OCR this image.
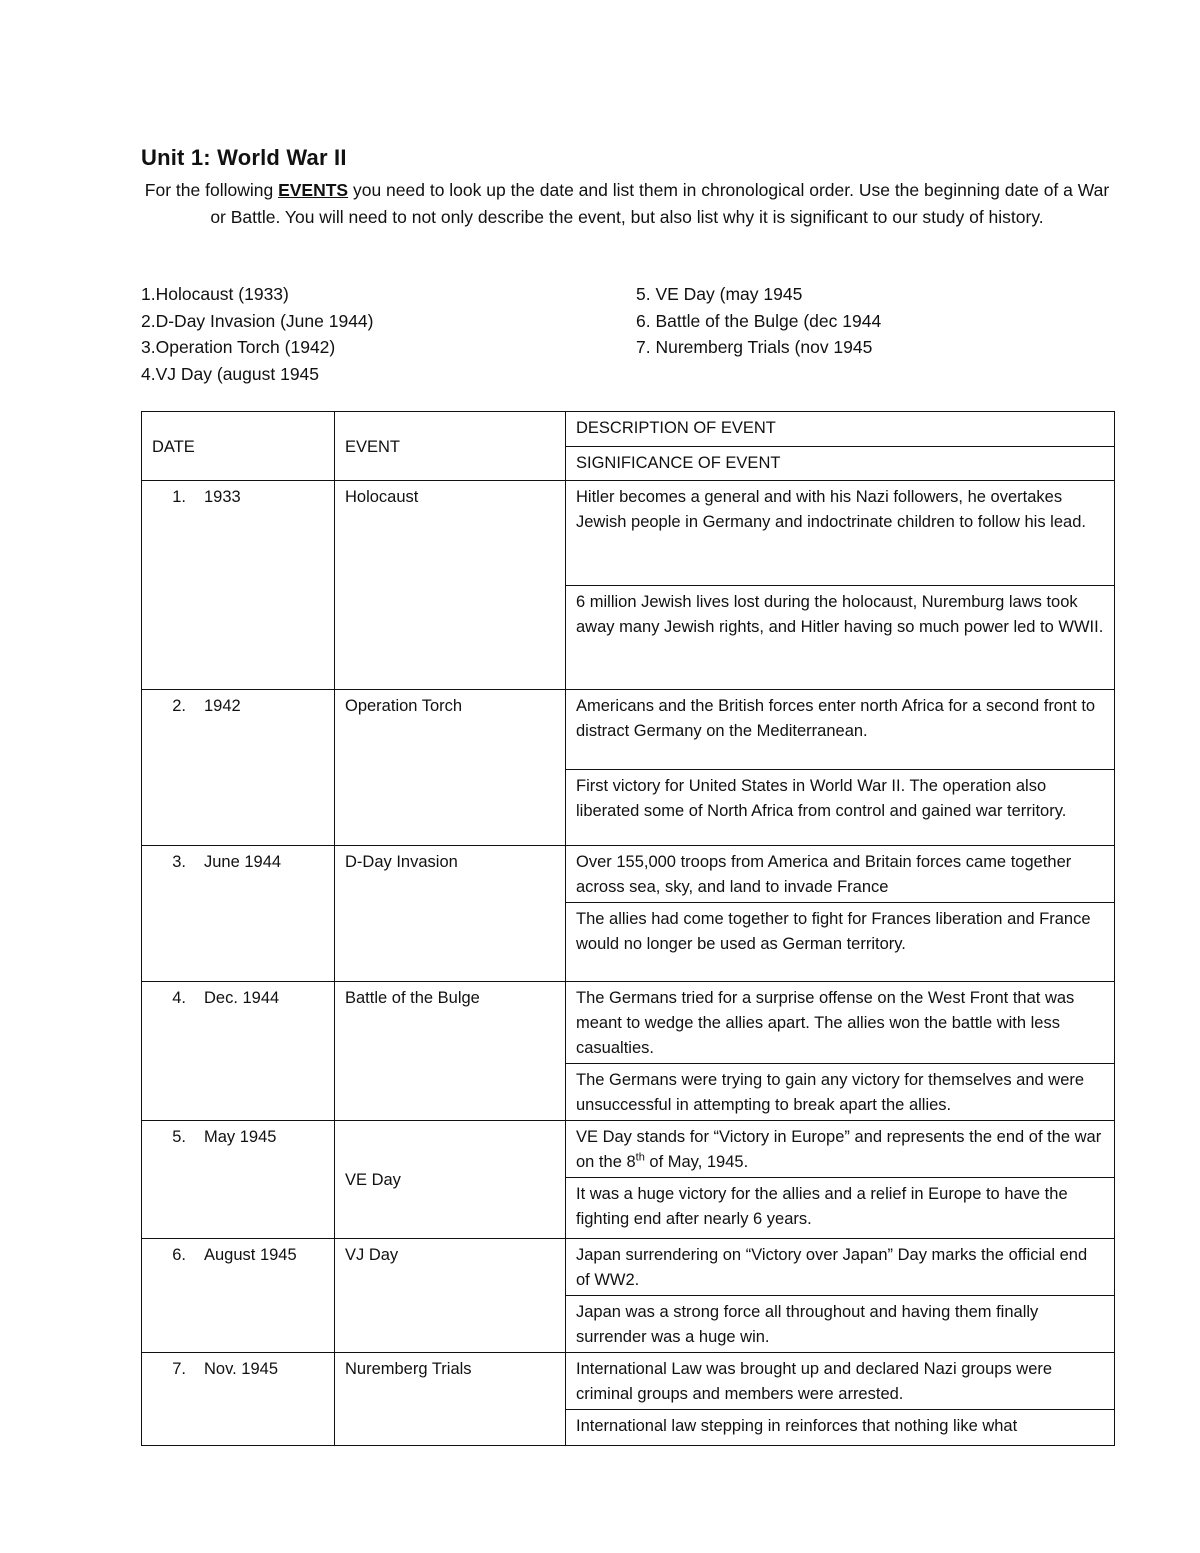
Unit 1: World War II
For the following EVENTS you need to look up the date and list them in chronological order. Use the beginning date of a War or Battle. You will need to not only describe the event, but also list why it is significant to our study of history.
1.Holocaust (1933)
2.D-Day Invasion (June 1944)
3.Operation Torch (1942)
4.VJ Day (august 1945
5. VE Day (may 1945
6. Battle of the Bulge (dec 1944
7. Nuremberg Trials (nov 1945
DATE	EVENT	DESCRIPTION OF EVENT
		SIGNIFICANCE OF EVENT

1. 1933	Holocaust	Hitler becomes a general and with his Nazi followers, he overtakes Jewish people in Germany and indoctrinate children to follow his lead.
		6 million Jewish lives lost during the holocaust, Nuremburg laws took away many Jewish rights, and Hitler having so much power led to WWII.

2. 1942	Operation Torch	Americans and the British forces enter north Africa for a second front to distract Germany on the Mediterranean.
		First victory for United States in World War II. The operation also liberated some of North Africa from control and gained war territory.

3. June 1944	D-Day Invasion	Over 155,000 troops from America and Britain forces came together across sea, sky, and land to invade France
		The allies had come together to fight for Frances liberation and France would no longer be used as German territory.

4. Dec. 1944	Battle of the Bulge	The Germans tried for a surprise offense on the West Front that was meant to wedge the allies apart. The allies won the battle with less casualties.
		The Germans were trying to gain any victory for themselves and were unsuccessful in attempting to break apart the allies.

5. May 1945	VE Day	VE Day stands for “Victory in Europe” and represents the end of the war on the 8th of May, 1945.
		It was a huge victory for the allies and a relief in Europe to have the fighting end after nearly 6 years.

6. August 1945	VJ Day	Japan surrendering on “Victory over Japan” Day marks the official end of WW2.
		Japan was a strong force all throughout and having them finally surrender was a huge win.

7. Nov. 1945	Nuremberg Trials	International Law was brought up and declared Nazi groups were criminal groups and members were arrested.
		International law stepping in reinforces that nothing like what
